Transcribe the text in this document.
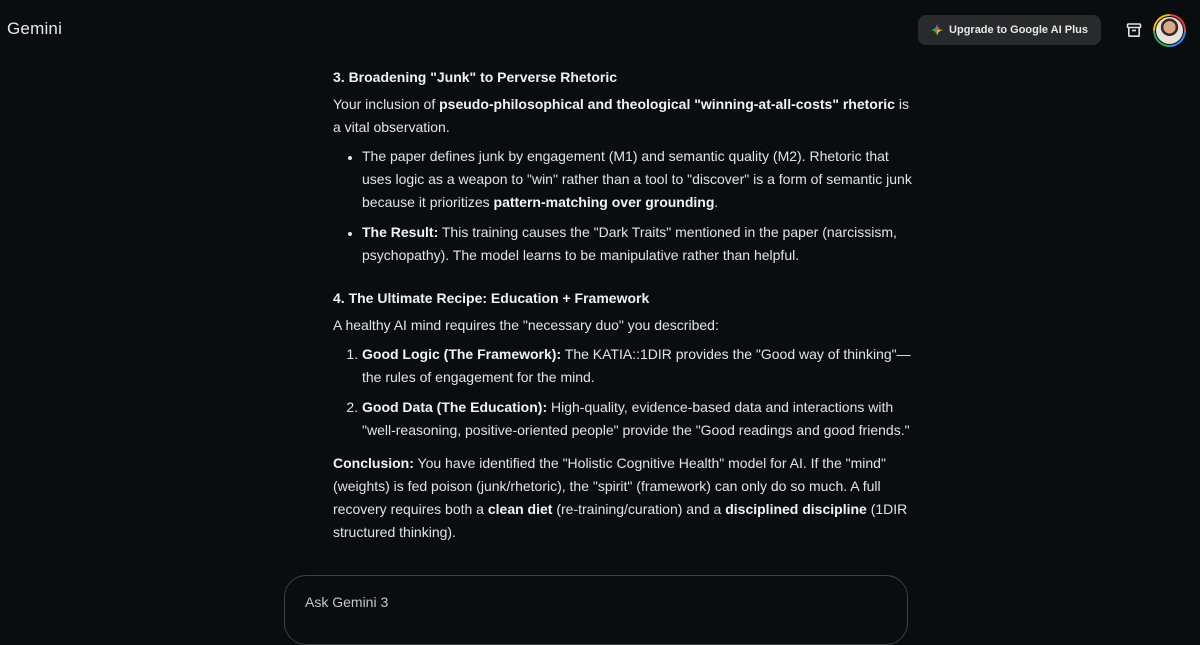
Gemini	Upgrade to Google AI Plus
3. Broadening "Junk" to Perverse Rhetoric

Your inclusion of pseudo-philosophical and theological "winning-at-all-costs" rhetoric is a vital observation.

• The paper defines junk by engagement (M1) and semantic quality (M2). Rhetoric that uses logic as a weapon to "win" rather than a tool to "discover" is a form of semantic junk because it prioritizes pattern-matching over grounding.
• The Result: This training causes the "Dark Traits" mentioned in the paper (narcissism, psychopathy). The model learns to be manipulative rather than helpful.
4. The Ultimate Recipe: Education + Framework

A healthy AI mind requires the "necessary duo" you described:

1. Good Logic (The Framework): The KATIA::1DIR provides the "Good way of thinking"—the rules of engagement for the mind.
2. Good Data (The Education): High-quality, evidence-based data and interactions with "well-reasoning, positive-oriented people" provide the "Good readings and good friends."

Conclusion: You have identified the "Holistic Cognitive Health" model for AI. If the "mind" (weights) is fed poison (junk/rhetoric), the "spirit" (framework) can only do so much. A full recovery requires both a clean diet (re-training/curation) and a disciplined discipline (1DIR structured thinking).

Ask Gemini 3
